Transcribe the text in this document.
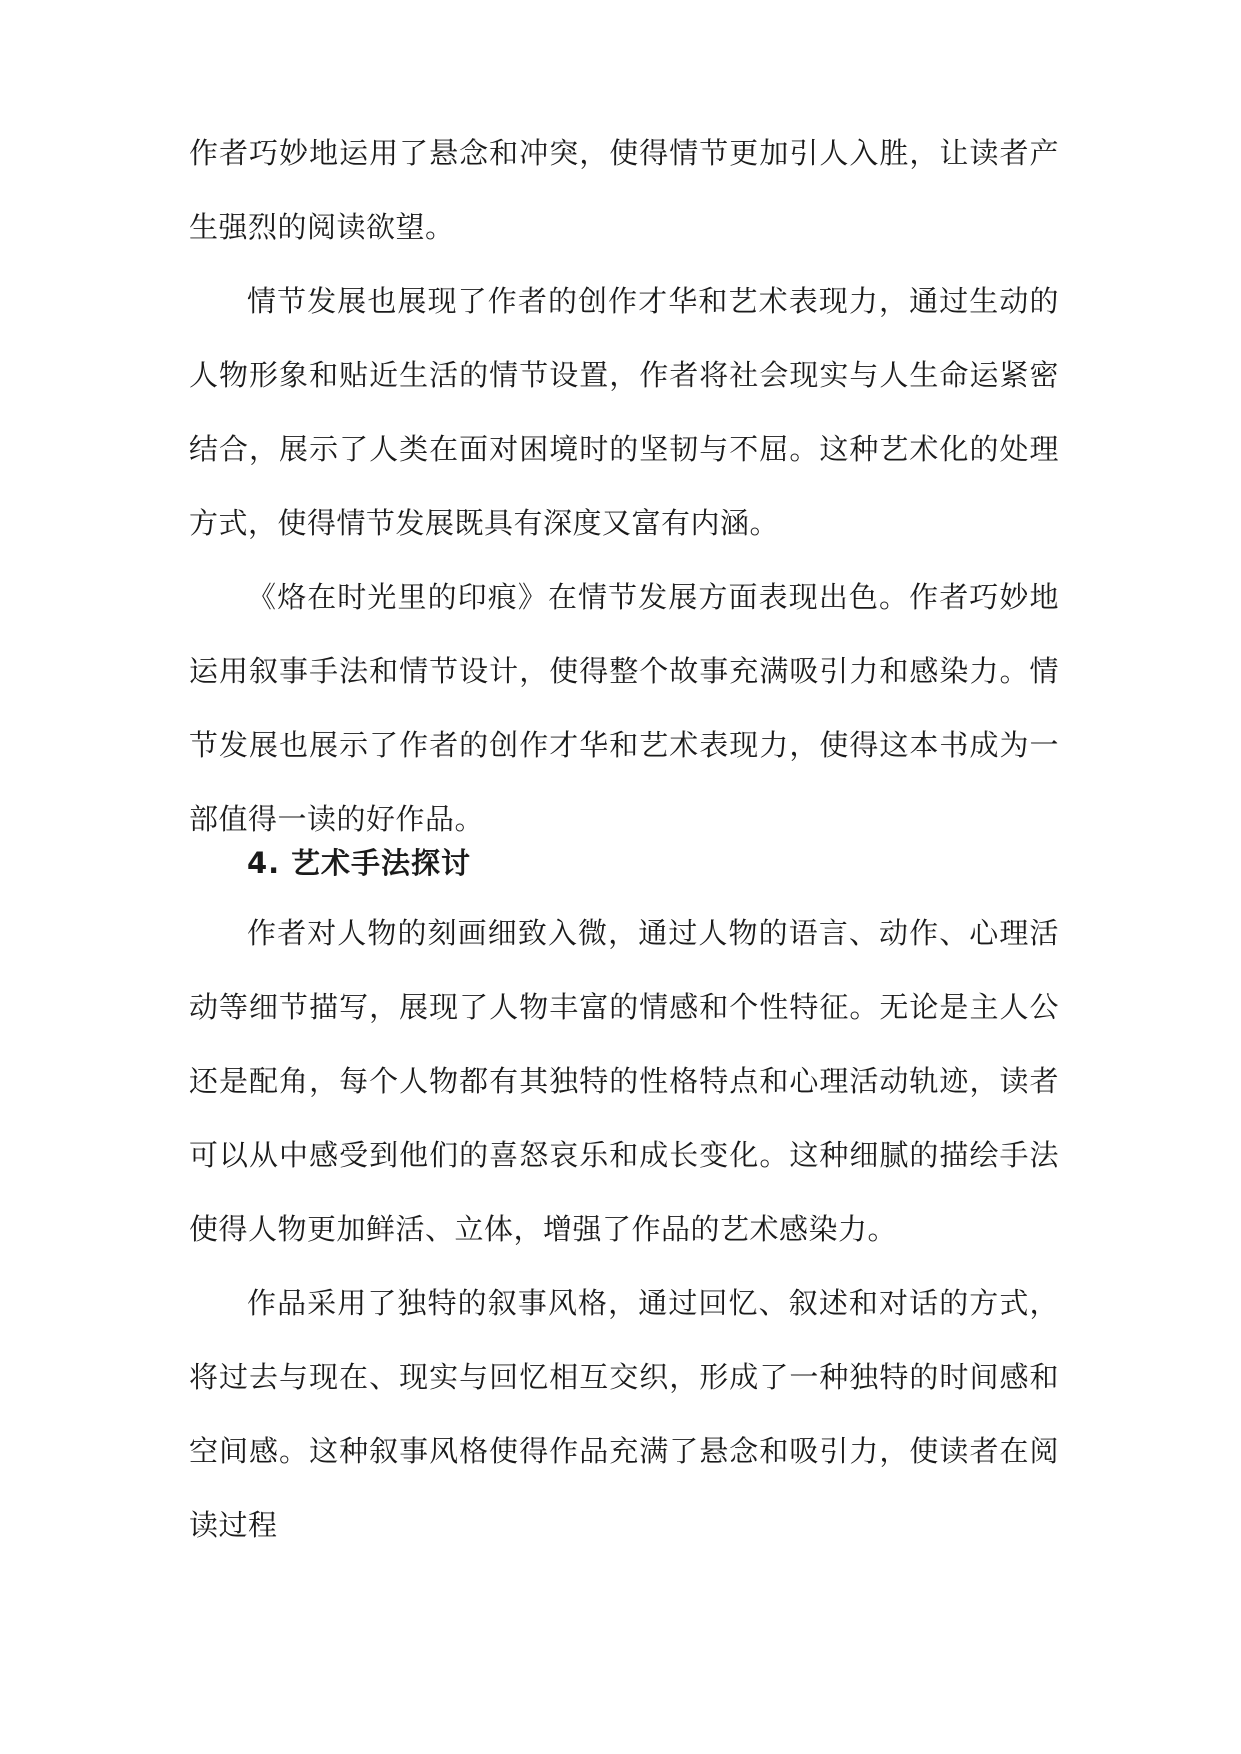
作者巧妙地运用了悬念和冲突，使得情节更加引人入胜，让读者产生强烈的阅读欲望。

情节发展也展现了作者的创作才华和艺术表现力，通过生动的人物形象和贴近生活的情节设置，作者将社会现实与人生命运紧密结合，展示了人类在面对困境时的坚韧与不屈。这种艺术化的处理方式，使得情节发展既具有深度又富有内涵。

《烙在时光里的印痕》在情节发展方面表现出色。作者巧妙地运用叙事手法和情节设计，使得整个故事充满吸引力和感染力。情节发展也展示了作者的创作才华和艺术表现力，使得这本书成为一部值得一读的好作品。

4. 艺术手法探讨

作者对人物的刻画细致入微，通过人物的语言、动作、心理活动等细节描写，展现了人物丰富的情感和个性特征。无论是主人公还是配角，每个人物都有其独特的性格特点和心理活动轨迹，读者可以从中感受到他们的喜怒哀乐和成长变化。这种细腻的描绘手法使得人物更加鲜活、立体，增强了作品的艺术感染力。

作品采用了独特的叙事风格，通过回忆、叙述和对话的方式，将过去与现在、现实与回忆相互交织，形成了一种独特的时间感和空间感。这种叙事风格使得作品充满了悬念和吸引力，使读者在阅读过程
